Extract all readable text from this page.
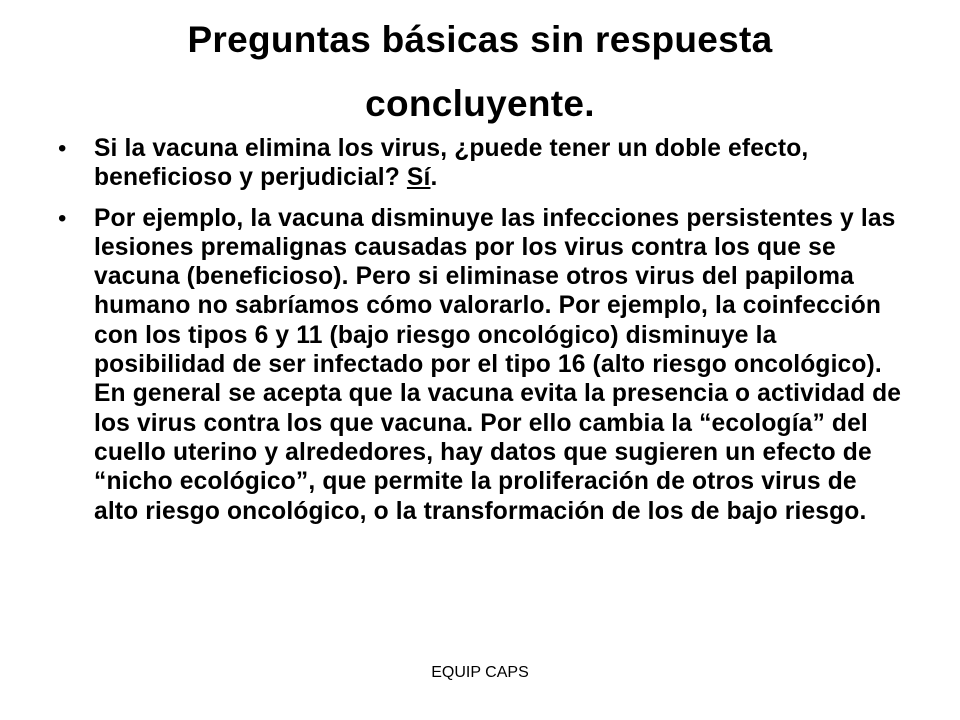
Preguntas básicas sin respuesta
concluyente.
• Si la vacuna elimina los virus, ¿puede tener un doble efecto, beneficioso y perjudicial? Sí.
• Por ejemplo, la vacuna disminuye las infecciones persistentes y las lesiones premalignas causadas por los virus contra los que se vacuna (beneficioso). Pero si eliminase otros virus del papiloma humano no sabríamos cómo valorarlo. Por ejemplo, la coinfección con los tipos 6 y 11 (bajo riesgo oncológico) disminuye la posibilidad de ser infectado por el tipo 16 (alto riesgo oncológico). En general se acepta que la vacuna evita la presencia o actividad de los virus contra los que vacuna. Por ello cambia la “ecología” del cuello uterino y alrededores, hay datos que sugieren un efecto de “nicho ecológico”, que permite la proliferación de otros virus de alto riesgo oncológico, o la transformación de los de bajo riesgo.
EQUIP CAPS
